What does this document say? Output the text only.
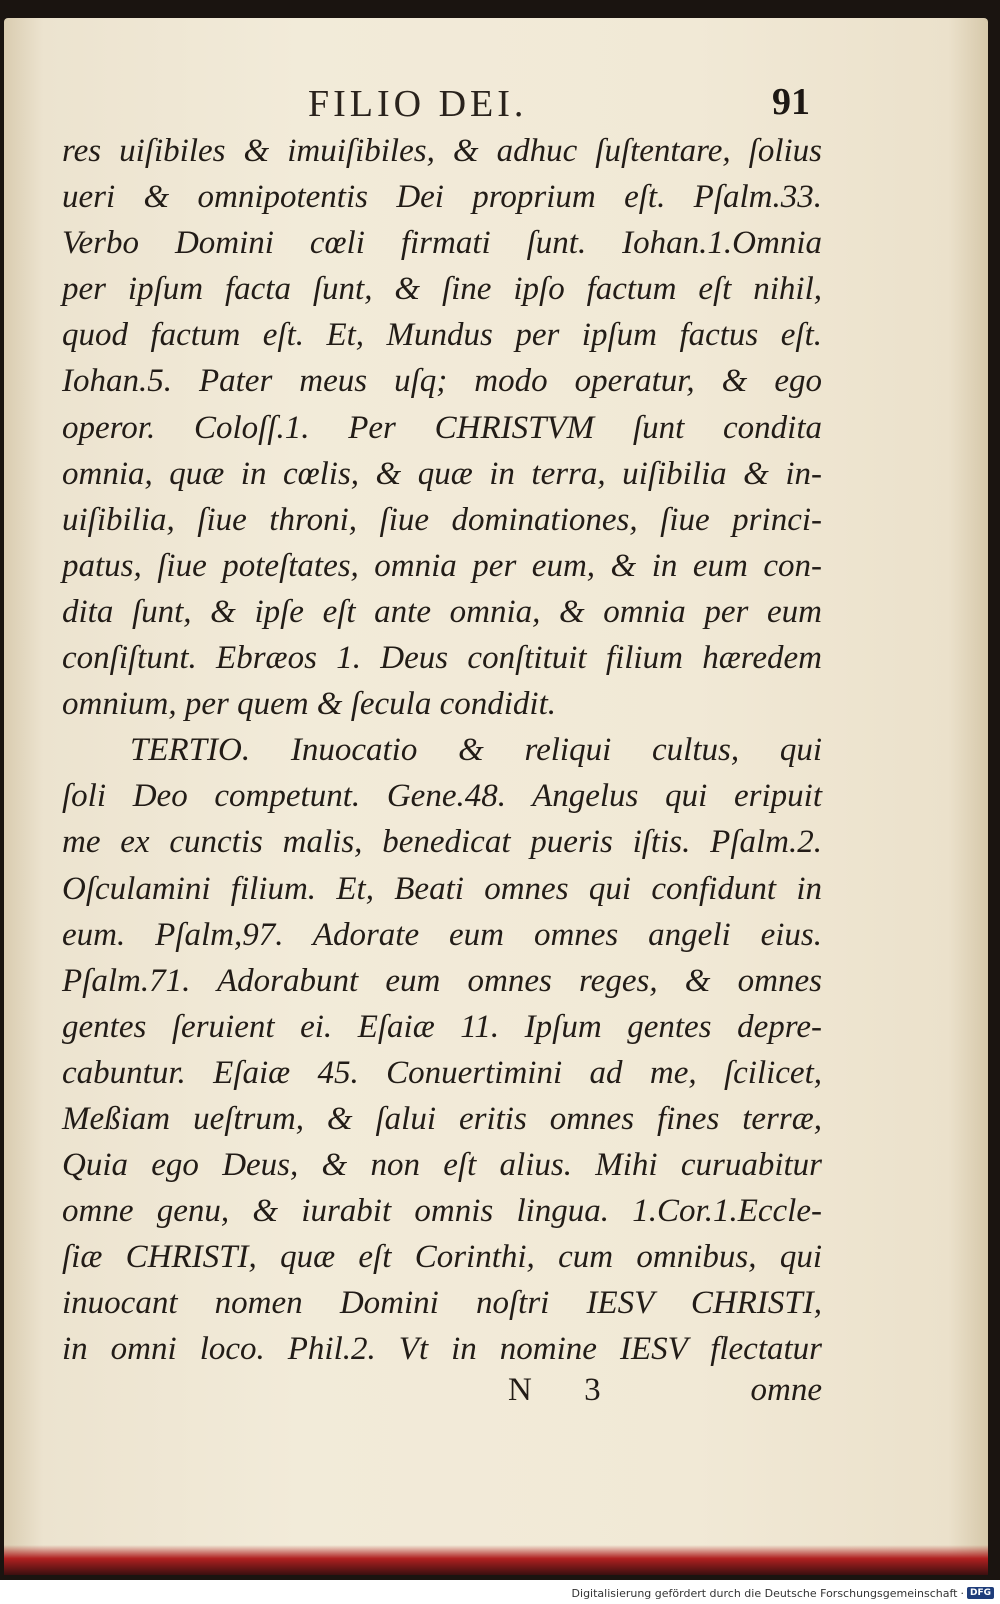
FILIO DEI.	91
res uiſibiles & imuiſibiles, & adhuc ſuſtentare, ſolius
ueri & omnipotentis Dei proprium eſt. Pſalm.33.
Verbo Domini cœli firmati ſunt. Iohan.1.Omnia
per ipſum facta ſunt, & ſine ipſo factum eſt nihil,
quod factum eſt. Et, Mundus per ipſum factus eſt.
Iohan.5. Pater meus uſq; modo operatur, & ego
operor. Coloſſ.1. Per CHRISTVM ſunt condita
omnia, quæ in cœlis, & quæ in terra, uiſibilia & in-
uiſibilia, ſiue throni, ſiue dominationes, ſiue princi-
patus, ſiue poteſtates, omnia per eum, & in eum con-
dita ſunt, & ipſe eſt ante omnia, & omnia per eum
conſiſtunt. Ebræos 1. Deus conſtituit filium hæredem
omnium, per quem & ſecula condidit.
TERTIO. Inuocatio & reliqui cultus, qui
ſoli Deo competunt. Gene.48. Angelus qui eripuit
me ex cunctis malis, benedicat pueris iſtis. Pſalm.2.
Oſculamini filium. Et, Beati omnes qui confidunt in
eum. Pſalm,97. Adorate eum omnes angeli eius.
Pſalm.71. Adorabunt eum omnes reges, & omnes
gentes ſeruient ei. Eſaiæ 11. Ipſum gentes depre-
cabuntur. Eſaiæ 45. Conuertimini ad me, ſcilicet,
Meßiam ueſtrum, & ſalui eritis omnes fines terræ,
Quia ego Deus, & non eſt alius. Mihi curuabitur
omne genu, & iurabit omnis lingua. 1.Cor.1.Eccle-
ſiæ CHRISTI, quæ eſt Corinthi, cum omnibus, qui
inuocant nomen Domini noſtri IESV CHRISTI,
in omni loco. Phil.2. Vt in nomine IESV flectatur
N 3	omne
Digitalisierung gefördert durch die Deutsche Forschungsgemeinschaft · DFG
